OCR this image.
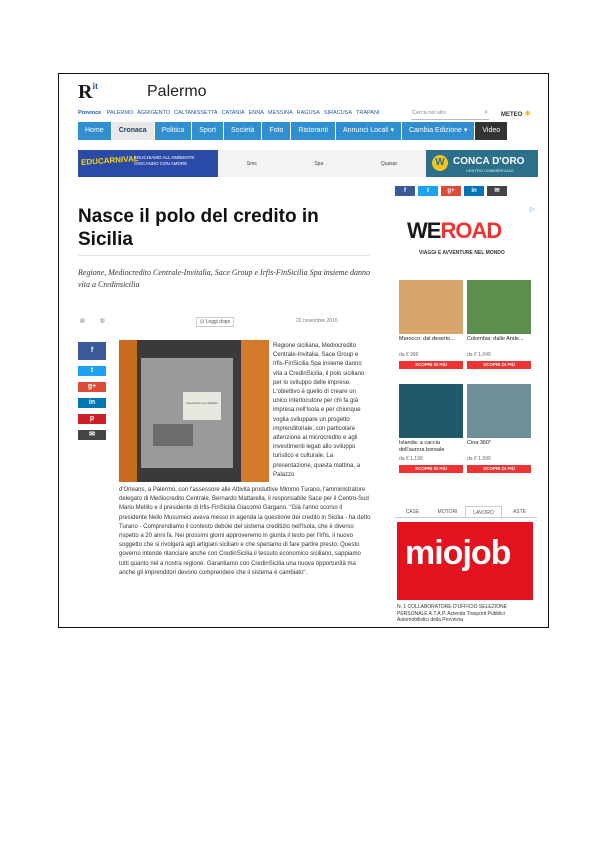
$R^{it}$	Palermo
Province PALERMO AGRIGENTO CALTANISSETTA CATANIA ENNA MESSINA RAGUSA SIRACUSA TRAPANI	Cerca nel sito	⌕ METEO ☀
Home	Cronaca	Politica	Sport	Società	Foto	Ristoranti	Annunci Locali ▾	Cambia Edizione ▾	Video
EDUCARNIVAL
EDUCHIAMO ALL'AMBIENTE GIOCANDO CON AMORE	Sms	Spa	Quasar	W CONCA D'ORO
CENTRO COMMERCIALE
Nasce il polo del credito in Sicilia

Regione, Mediocredito Centrale-Invitalia, Sace Group e Irfis-FinSicilia Spa insieme danno vita a Credinsicilia

▤	▥	⊡ Leggi dopo	22 novembre 2016
f
t
g+
in
p
✉
Operazioni non abilitate

Regione siciliana, Mediocredito Centrale-Invitalia, Sace Group e Irfis-FinSicilia Spa insieme danno vita a CredinSicilia, il polo siciliano per lo sviluppo delle imprese. L'obiettivo è quello di creare un unico interlocutore per chi fa già impresa nell'Isola e per chiunque voglia sviluppare un progetto imprenditoriale, con particolare attenzione al microcredito e agli investimenti legati allo sviluppo turistico e culturale. La presentazione, questa mattina, a Palazzo

d'Orleans, a Palermo, con l'assessore alle Attività produttive Mimmo Turano, l'amministratore delegato di Mediocredito Centrale, Bernardo Mattarella, il responsabile Sace per il Centro-Sud Mario Mellilo e il presidente di Irfis-FinSicilia Giacomo Gargano. "Già l'anno scorso il presidente Nello Musumeci aveva messo in agenda la questione del credito in Sicilia - ha detto Turano - Comprendiamo il contesto debole del sistema creditizio nell'Isola, che è diverso rispetto a 20 anni fa. Nei prossimi giorni approveremo in giunta il testo per l'Irfis, il nuovo soggetto che si rivolgerà agli artigiani siciliani e che speriamo di fare partire presto. Questo governo intende rilanciare anche con CredinSicilia il tessuto economico siciliano, sappiamo tutti quanto nel a nostra regione. Garantiamo con CredinSicilia una nuova opportunità ma anche gli imprenditori devono comprendere che il sistema è cambiato".

f	t	g+	in	✉
▷
WEROAD
VIAGGI E AVVENTURE NEL MONDO
Marocco: dal deserto...
da € 999
SCOPRI DI PIÙ
Colombia: dalle Ande...
da € 1.249
SCOPRI DI PIÙ
Islanda: a caccia dell'aurora boreale
da € 1.199
SCOPRI DI PIÙ
Cina 360°
da € 1.999
SCOPRI DI PIÙ
CASE	MOTORI	LAVORO	ASTE
miojob

N. 1 COLLABORATORE D'UFFICIO SELEZIONE PERSONALE A.T.A.P. Azienda Trasporti Pubblici Automobilistici della Provincia
